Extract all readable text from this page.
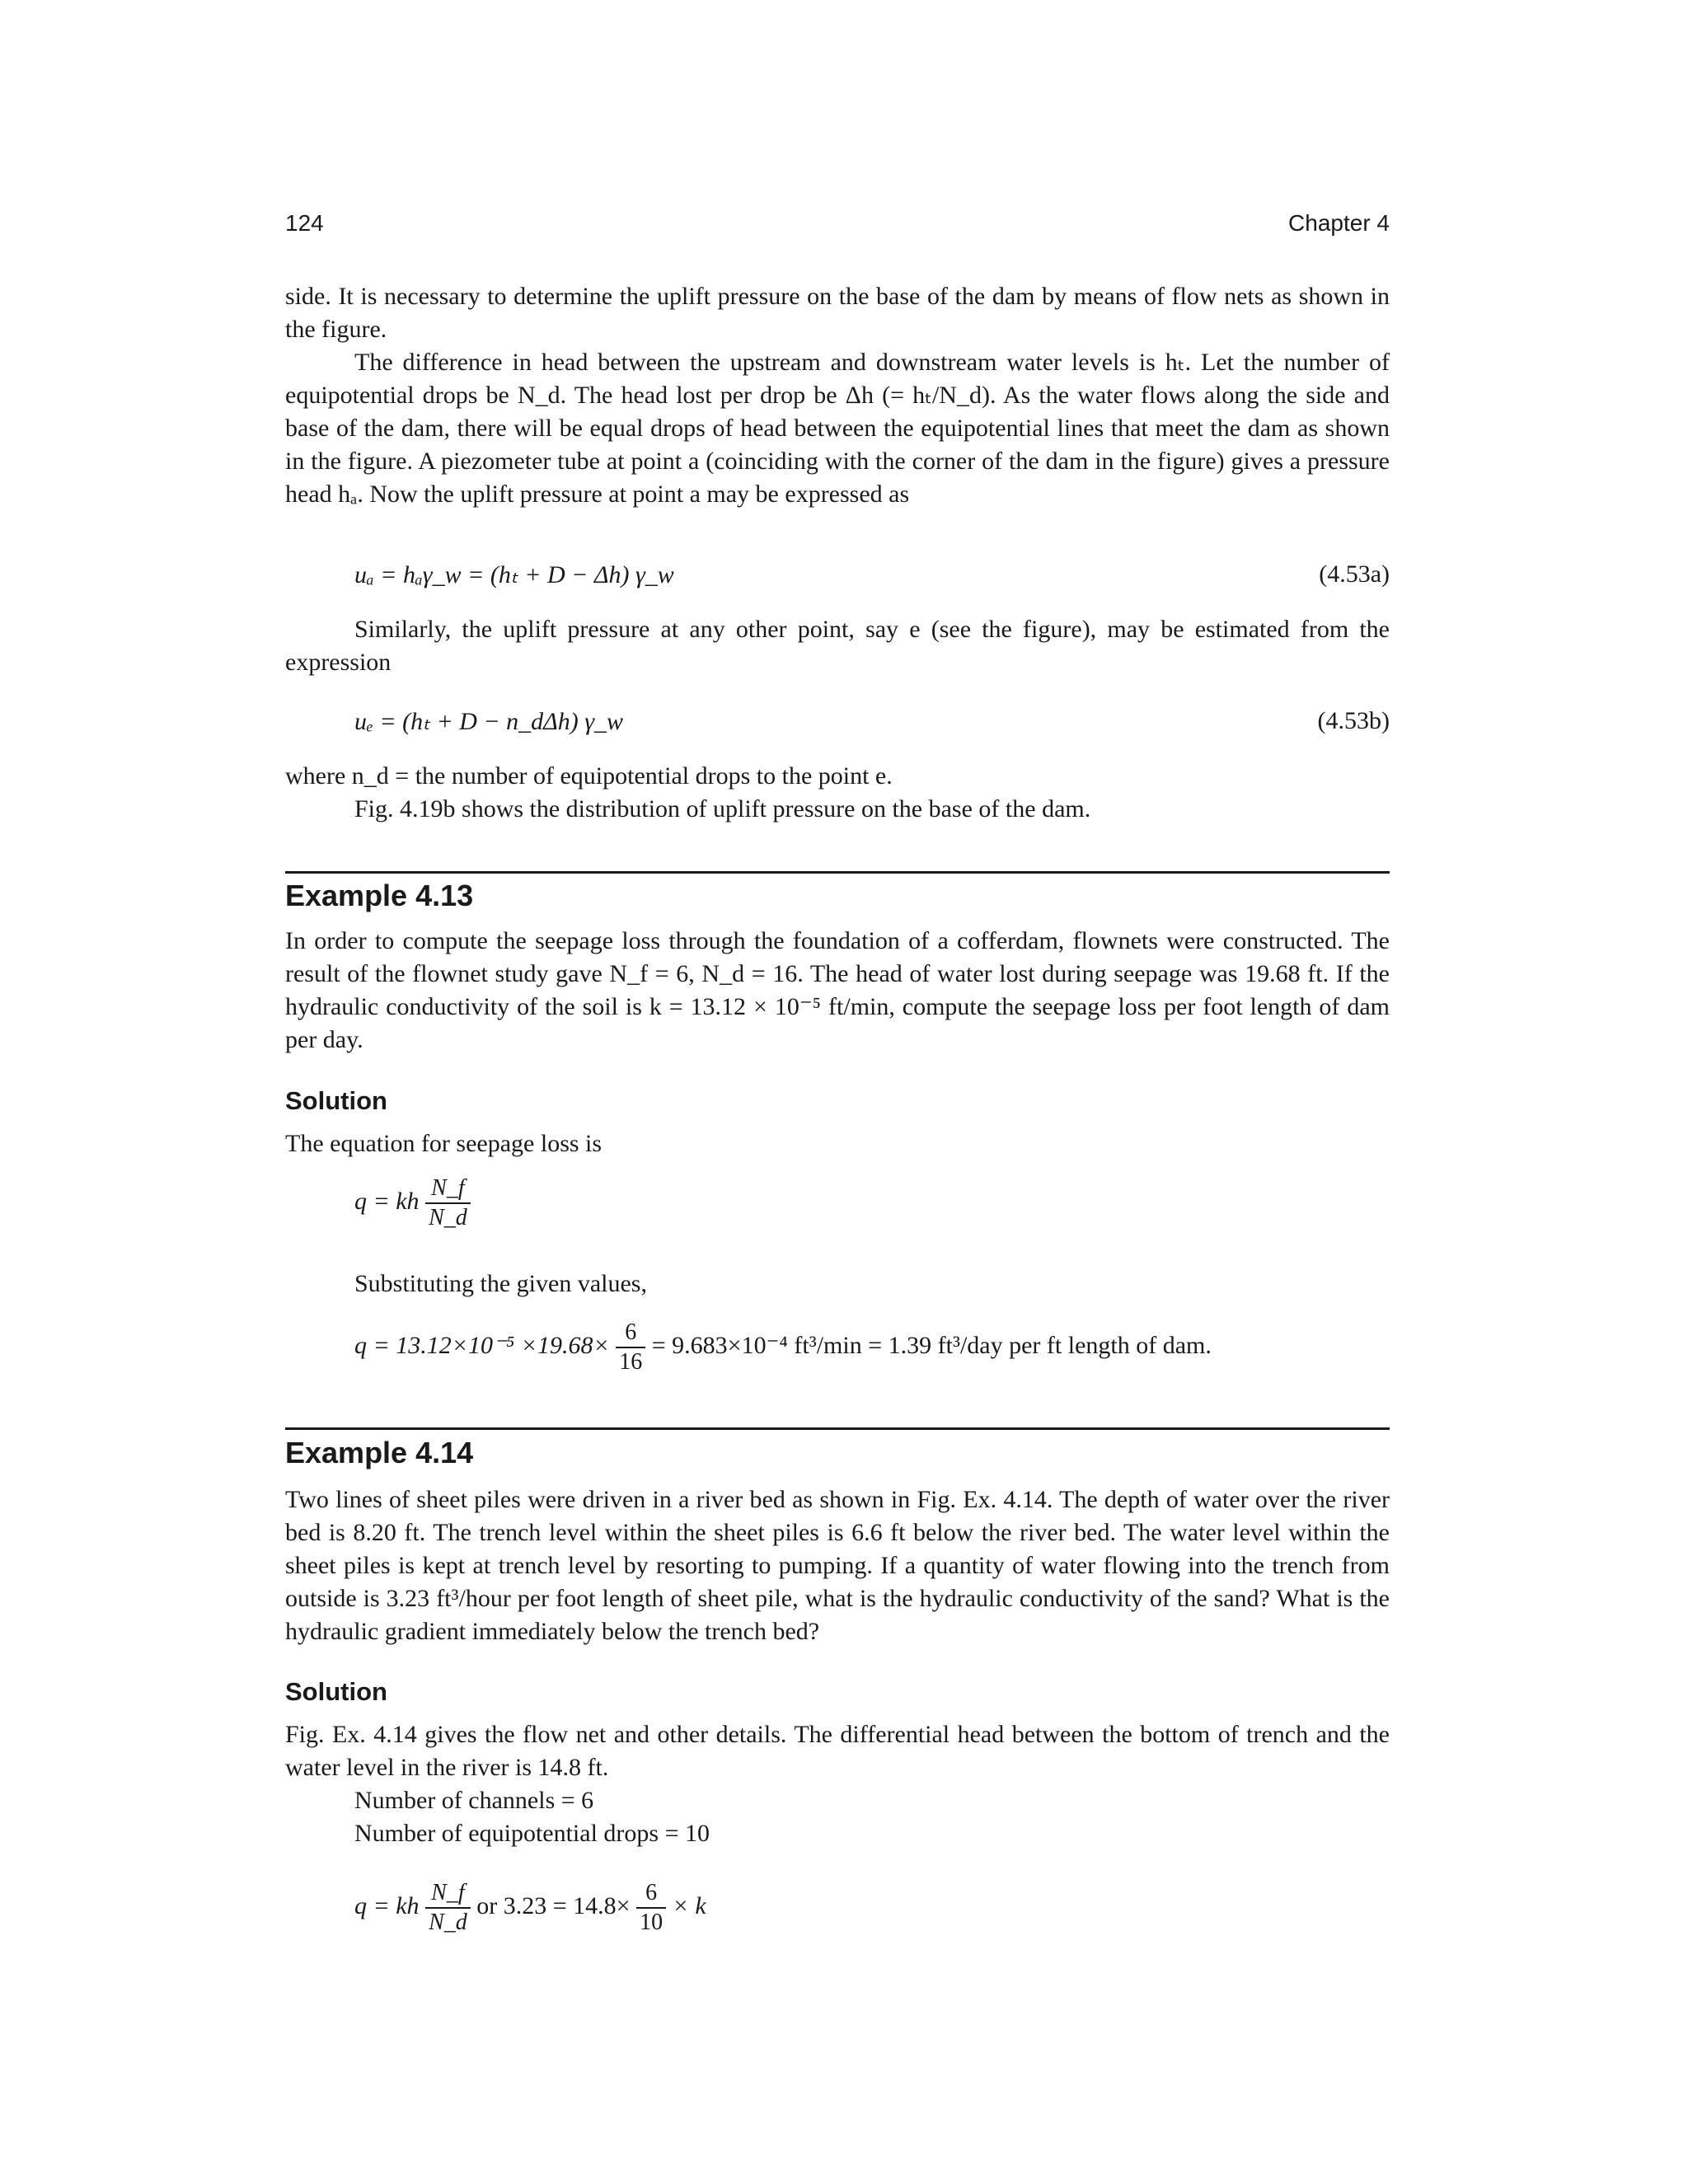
124	Chapter 4

side. It is necessary to determine the uplift pressure on the base of the dam by means of flow nets as shown in the figure.

The difference in head between the upstream and downstream water levels is hₜ. Let the number of equipotential drops be N_d. The head lost per drop be Δh (= hₜ/N_d). As the water flows along the side and base of the dam, there will be equal drops of head between the equipotential lines that meet the dam as shown in the figure. A piezometer tube at point a (coinciding with the corner of the dam in the figure) gives a pressure head hₐ. Now the uplift pressure at point a may be expressed as

uₐ = hₐγ_w = (hₜ + D − Δh) γ_w	(4.53a)

Similarly, the uplift pressure at any other point, say e (see the figure), may be estimated from the expression

uₑ = (hₜ + D − n_dΔh) γ_w	(4.53b)

where n_d = the number of equipotential drops to the point e.

Fig. 4.19b shows the distribution of uplift pressure on the base of the dam.

Example 4.13

In order to compute the seepage loss through the foundation of a cofferdam, flownets were constructed. The result of the flownet study gave N_f = 6, N_d = 16. The head of water lost during seepage was 19.68 ft. If the hydraulic conductivity of the soil is k = 13.12 × 10⁻⁵ ft/min, compute the seepage loss per foot length of dam per day.

Solution

The equation for seepage loss is

q = kh $\frac{N\_f}{N\_d}$

Substituting the given values,

$q = 13.12\times 10^{-5} \times 19.68\times \frac{6}{16} = 9.683\times 10^{-4}$ ft³/min = 1.39 ft³/day per ft length of dam.
Example 4.14

Two lines of sheet piles were driven in a river bed as shown in Fig. Ex. 4.14. The depth of water over the river bed is 8.20 ft. The trench level within the sheet piles is 6.6 ft below the river bed. The water level within the sheet piles is kept at trench level by resorting to pumping. If a quantity of water flowing into the trench from outside is 3.23 ft³/hour per foot length of sheet pile, what is the hydraulic conductivity of the sand? What is the hydraulic gradient immediately below the trench bed?

Solution

Fig. Ex. 4.14 gives the flow net and other details. The differential head between the bottom of trench and the water level in the river is 14.8 ft.

Number of channels = 6

Number of equipotential drops = 10

q = kh $\frac{N\_f}{N\_d}$ or $3.23 = 14.8\times \frac{6}{10} \times k$
